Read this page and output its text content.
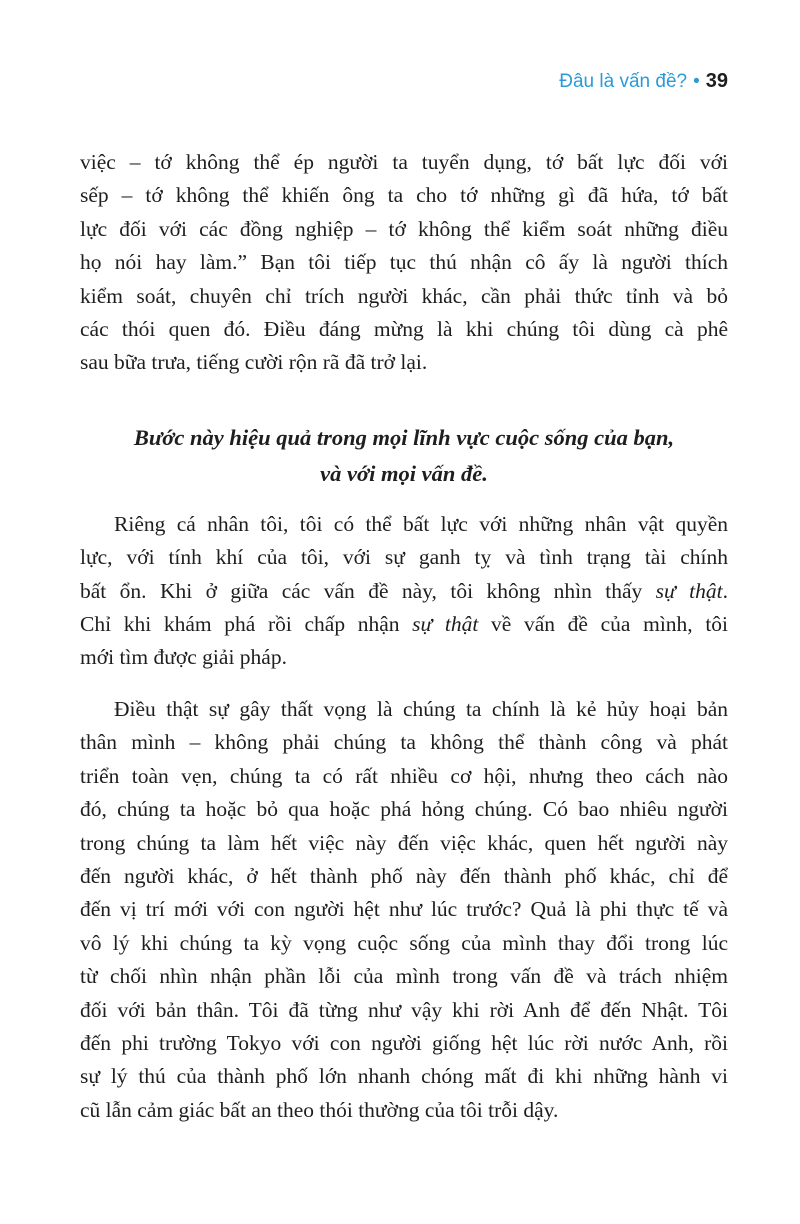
Đâu là vấn đề? • 39

việc – tớ không thể ép người ta tuyển dụng, tớ bất lực đối với
sếp – tớ không thể khiến ông ta cho tớ những gì đã hứa, tớ bất
lực đối với các đồng nghiệp – tớ không thể kiểm soát những điều
họ nói hay làm.” Bạn tôi tiếp tục thú nhận cô ấy là người thích
kiểm soát, chuyên chỉ trích người khác, cần phải thức tỉnh và bỏ
các thói quen đó. Điều đáng mừng là khi chúng tôi dùng cà phê
sau bữa trưa, tiếng cười rộn rã đã trở lại.

Bước này hiệu quả trong mọi lĩnh vực cuộc sống của bạn,
và với mọi vấn đề.

Riêng cá nhân tôi, tôi có thể bất lực với những nhân vật quyền
lực, với tính khí của tôi, với sự ganh tỵ và tình trạng tài chính
bất ổn. Khi ở giữa các vấn đề này, tôi không nhìn thấy sự thật.
Chỉ khi khám phá rồi chấp nhận sự thật về vấn đề của mình, tôi
mới tìm được giải pháp.

Điều thật sự gây thất vọng là chúng ta chính là kẻ hủy hoại bản
thân mình – không phải chúng ta không thể thành công và phát
triển toàn vẹn, chúng ta có rất nhiều cơ hội, nhưng theo cách nào
đó, chúng ta hoặc bỏ qua hoặc phá hỏng chúng. Có bao nhiêu người
trong chúng ta làm hết việc này đến việc khác, quen hết người này
đến người khác, ở hết thành phố này đến thành phố khác, chỉ để
đến vị trí mới với con người hệt như lúc trước? Quả là phi thực tế và
vô lý khi chúng ta kỳ vọng cuộc sống của mình thay đổi trong lúc
từ chối nhìn nhận phần lỗi của mình trong vấn đề và trách nhiệm
đối với bản thân. Tôi đã từng như vậy khi rời Anh để đến Nhật. Tôi
đến phi trường Tokyo với con người giống hệt lúc rời nước Anh, rồi
sự lý thú của thành phố lớn nhanh chóng mất đi khi những hành vi
cũ lẫn cảm giác bất an theo thói thường của tôi trỗi dậy.
